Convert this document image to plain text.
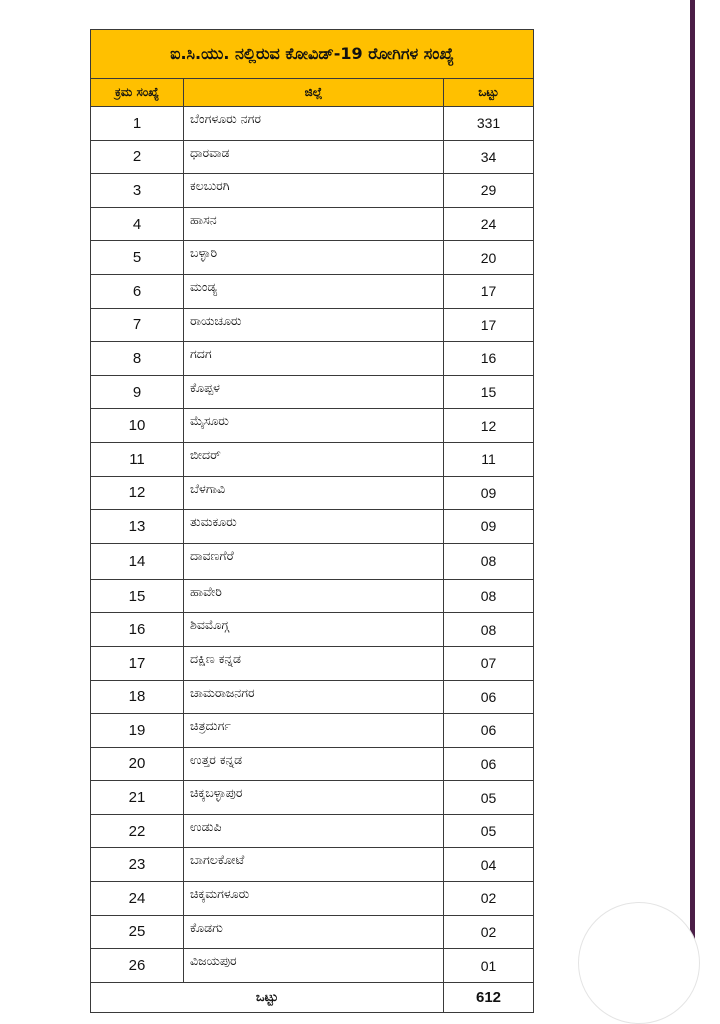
ಐ.ಸಿ.ಯು. ನಲ್ಲಿರುವ ಕೋವಿಡ್-19 ರೋಗಿಗಳ ಸಂಖ್ಯೆ		
ಕ್ರಮ ಸಂಖ್ಯೆ	ಜಿಲ್ಲೆ	ಒಟ್ಟು
1	ಬೆಂಗಳೂರು ನಗರ	331
2	ಧಾರವಾಡ	34
3	ಕಲಬುರಗಿ	29
4	ಹಾಸನ	24
5	ಬಳ್ಳಾರಿ	20
6	ಮಂಡ್ಯ	17
7	ರಾಯಚೂರು	17
8	ಗದಗ	16
9	ಕೊಪ್ಪಳ	15
10	ಮೈಸೂರು	12
11	ಬೀದರ್	11
12	ಬೆಳಗಾವಿ	09
13	ತುಮಕೂರು	09
14	ದಾವಣಗೆರೆ	08
15	ಹಾವೇರಿ	08
16	ಶಿವಮೊಗ್ಗ	08
17	ದಕ್ಷಿಣ ಕನ್ನಡ	07
18	ಚಾಮರಾಜನಗರ	06
19	ಚಿತ್ರದುರ್ಗ	06
20	ಉತ್ತರ ಕನ್ನಡ	06
21	ಚಿಕ್ಕಬಳ್ಳಾಪುರ	05
22	ಉಡುಪಿ	05
23	ಬಾಗಲಕೋಟೆ	04
24	ಚಿಕ್ಕಮಗಳೂರು	02
25	ಕೊಡಗು	02
26	ವಿಜಯಪುರ	01
ಒಟ್ಟು		612
